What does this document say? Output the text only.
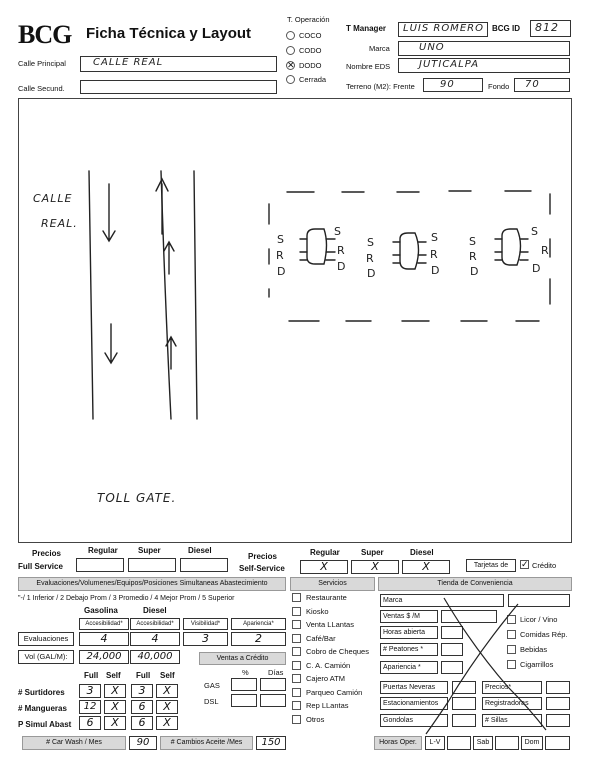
BCG Ficha Técnica y Layout
T. Operación
COCO
CODO
✕ DODO
Cerrada
T Manager	LUIS ROMERO	BCG ID	812
Marca	UNO
Calle Principal	CALLE REAL	Nombre EDS	JUTICALPA
Calle Secund.	Terreno (M2): Frente	90	Fondo	70
CALLE
REAL.
TOLL GATE.
S
R
D
S
R
D
S
R
D
S
R
D
S
R
D
S
R
D
Precios
Full Service
Regular	Super	Diesel
Precios
Self-Service
Regular	Super	Diesel
X	X	X	Tarjetas de	✓ Crédito
Evaluaciones/Volumenes/Equipos/Posiciones Simultaneas Abastecimiento	Servicios	Tienda de Conveniencia
"-/ 1 Inferior / 2 Debajo Prom / 3 Promedio / 4 Mejor Prom / 5 Superior
Gasolina	Diesel
Accesibilidad*	Accesibilidad*	Visibilidad*	Apariencia*
Evaluaciones	4	4	3	2
Vol (GAL/M):	24,000	40,000	Ventas a Crédito
%	Días
GAS
DSL
Full Self Full Self
# Surtidores	3	X	3	X
# Mangueras	12	X	6	X
P Simul Abast	6	X	6	X
# Car Wash / Mes	90	# Cambios Aceite /Mes	150
Restaurante
Kiosko
Venta LLantas
Café/Bar
Cobro de Cheques
C. A. Camión
Cajero ATM
Parqueo Camión
Rep LLantas
Otros
Marca
Ventas $ /M
Horas abierta
# Peatones *
Apariencia *
Licor / Vino
Comidas Rép.
Bebidas
Cigarrillos
Puertas Neveras	Precios*
Estacionamientos	Registradoras
Gondolas	# Sillas
Horas Oper.	L-V	Sab	Dom
